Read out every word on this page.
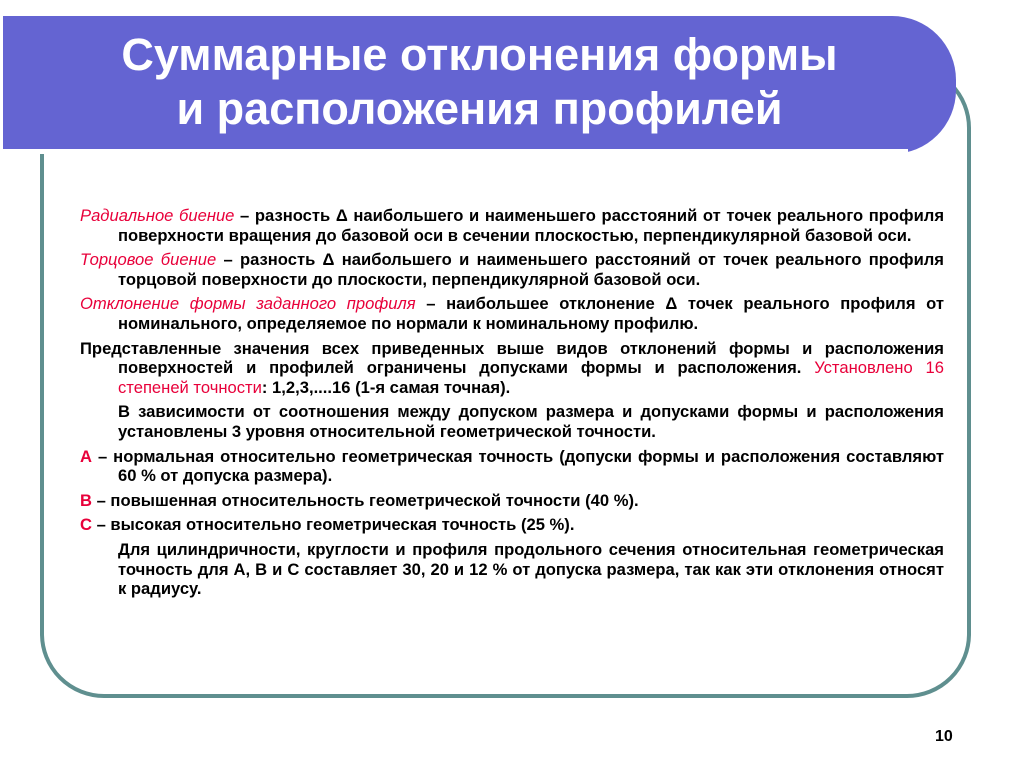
Суммарные отклонения формы
и расположения профилей

Радиальное биение – разность Δ наибольшего и наименьшего расстояний от точек реального профиля поверхности вращения до базовой оси в сечении плоскостью, перпендикулярной базовой оси.

Торцовое биение – разность Δ наибольшего и наименьшего расстояний от точек реального профиля торцовой поверхности до плоскости, перпендикулярной базовой оси.

Отклонение формы заданного профиля – наибольшее отклонение Δ точек реального профиля от номинального, определяемое по нормали к номинальному профилю.

Представленные значения всех приведенных выше видов отклонений формы и расположения поверхностей и профилей ограничены допусками формы и расположения. Установлено 16 степеней точности: 1,2,3,....16 (1-я самая точная).

В зависимости от соотношения между допуском размера и допусками формы и расположения установлены 3 уровня относительной геометрической точности.

А – нормальная относительно геометрическая точность (допуски формы и расположения составляют 60 % от допуска размера).

В – повышенная относительность геометрической точности (40 %).

С – высокая относительно геометрическая точность (25 %).

Для цилиндричности, круглости и профиля продольного сечения относительная геометрическая точность для А, В и С составляет 30, 20 и 12 % от допуска размера, так как эти отклонения относят к радиусу.

10
